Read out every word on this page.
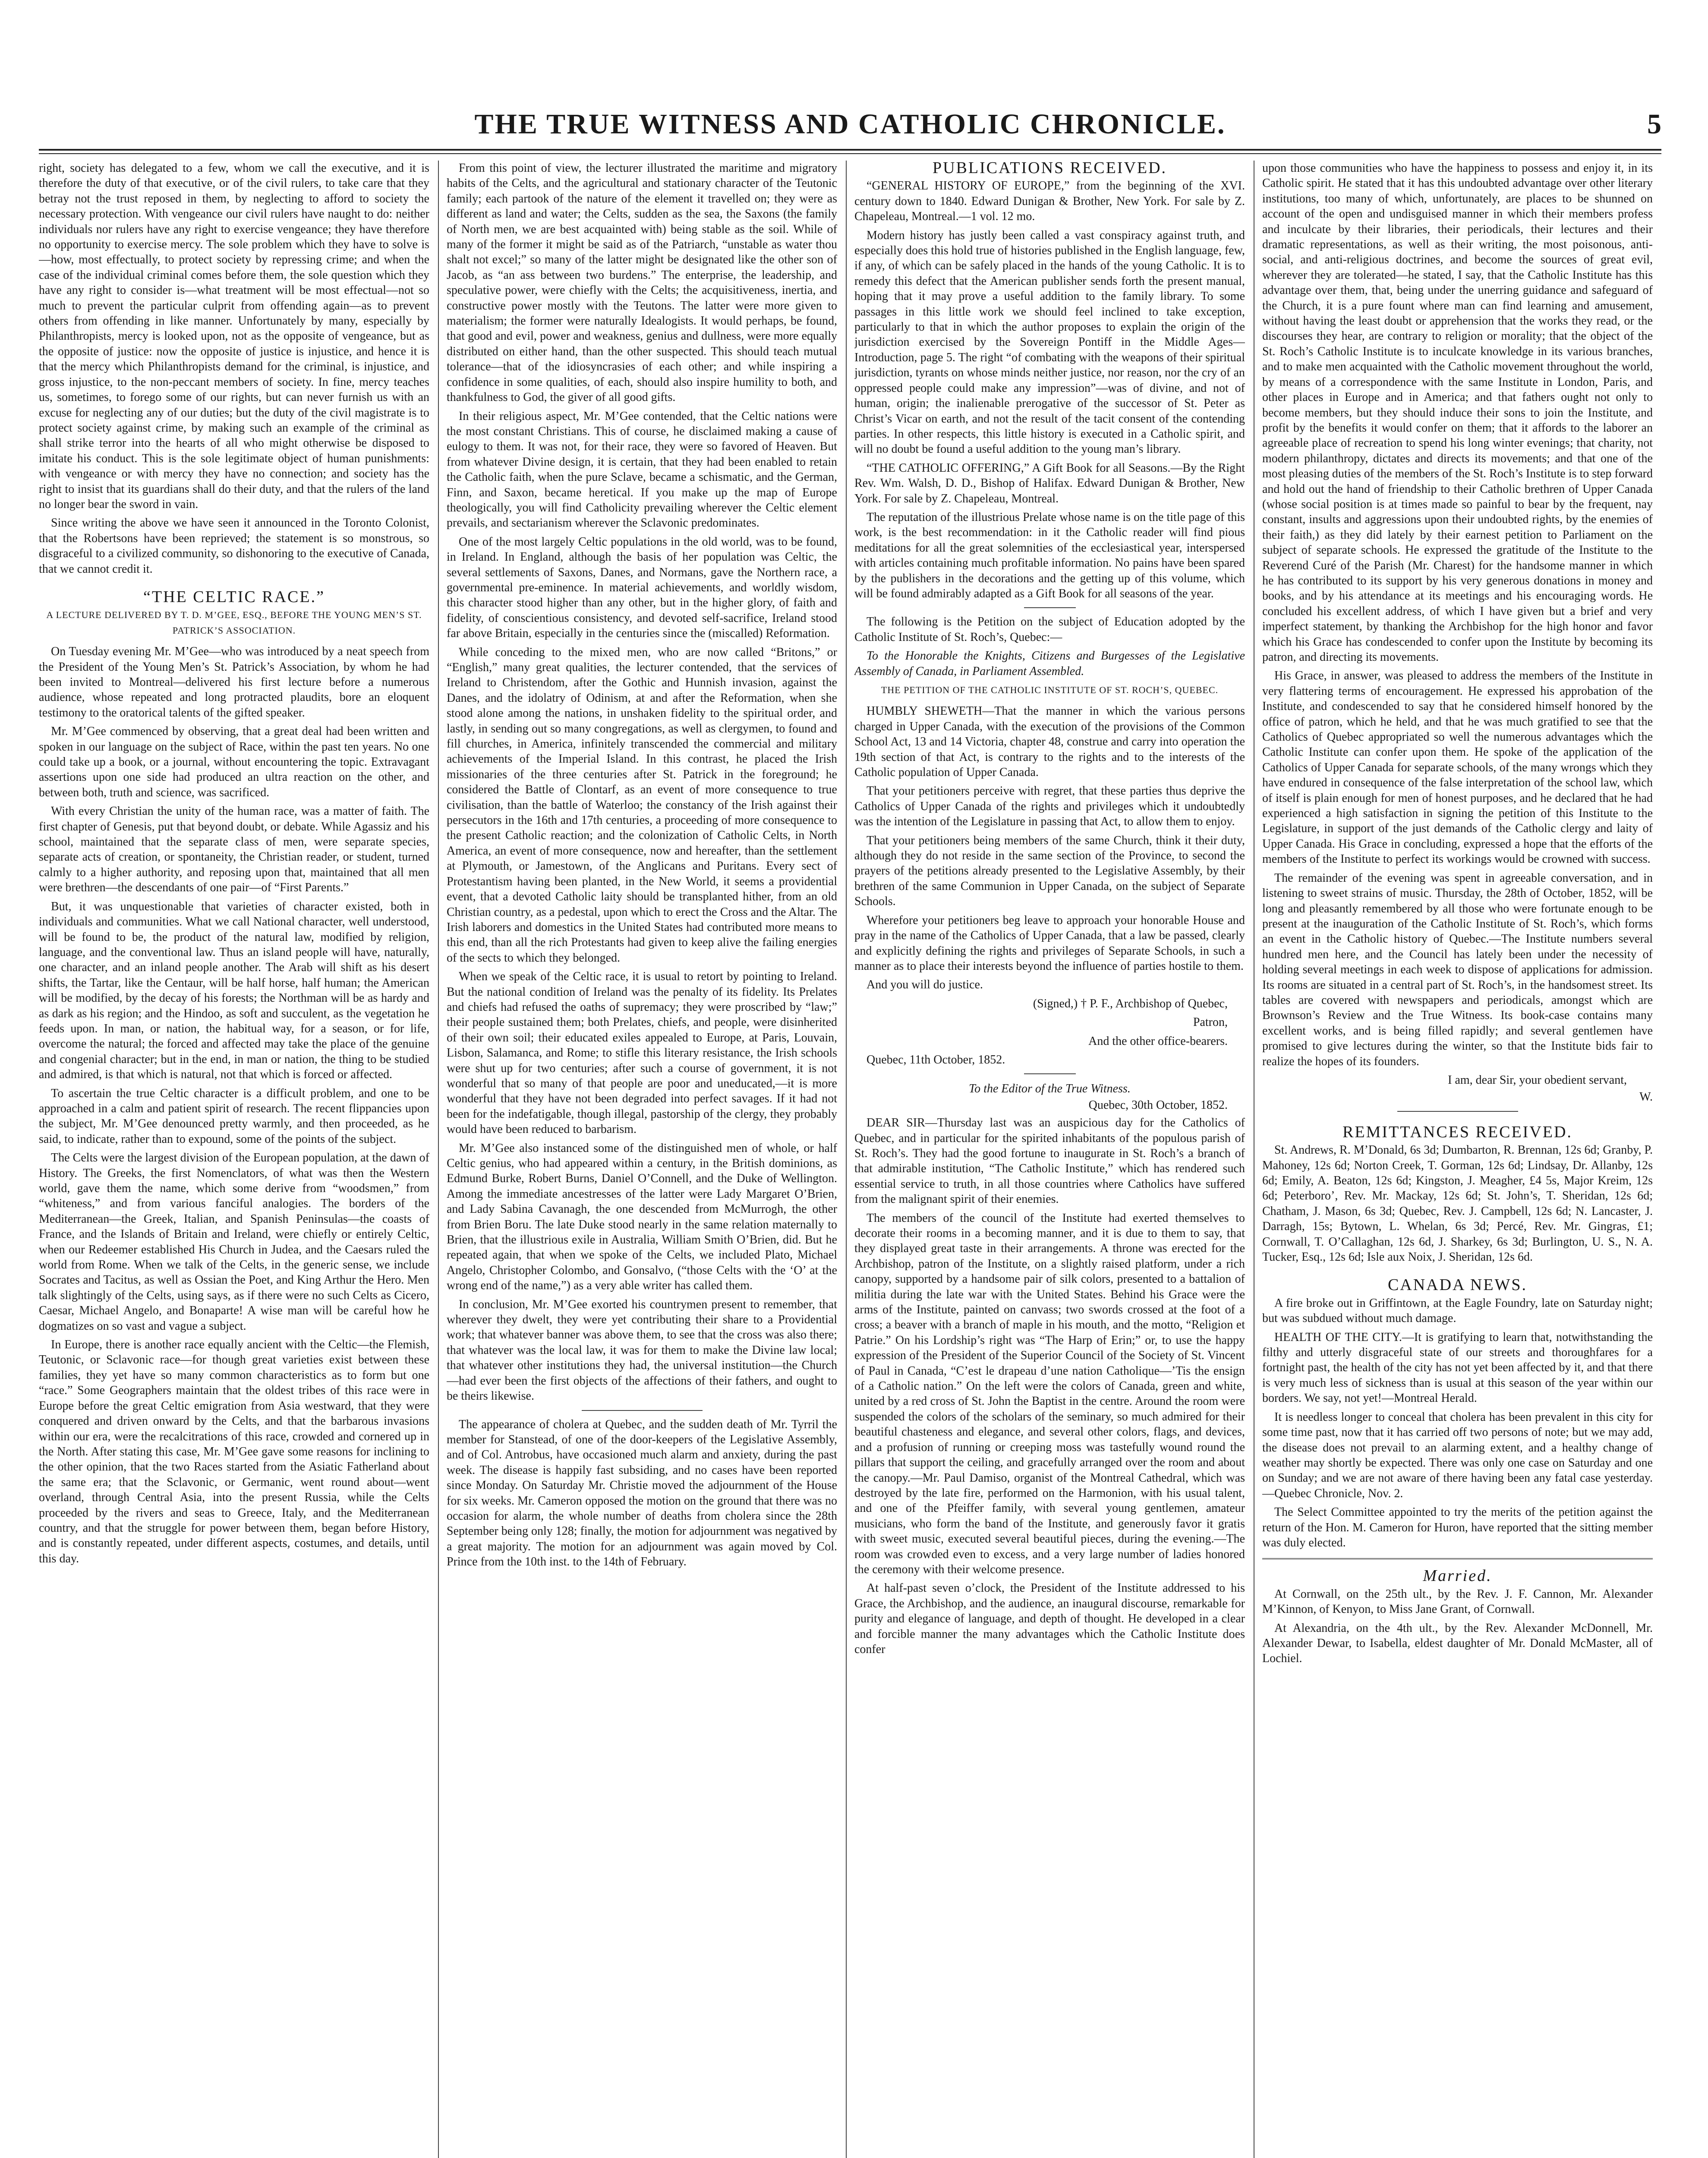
THE TRUE WITNESS AND CATHOLIC CHRONICLE.	5

right, society has delegated to a few, whom we call the executive, and it is therefore the duty of that executive, or of the civil rulers, to take care that they betray not the trust reposed in them, by neglecting to afford to society the necessary protection. With vengeance our civil rulers have naught to do: neither individuals nor rulers have any right to exercise vengeance; they have therefore no opportunity to exercise mercy. The sole problem which they have to solve is—how, most effectually, to protect society by repressing crime; and when the case of the individual criminal comes before them, the sole question which they have any right to consider is—what treatment will be most effectual—not so much to prevent the particular culprit from offending again—as to prevent others from offending in like manner. Unfortunately by many, especially by Philanthropists, mercy is looked upon, not as the opposite of vengeance, but as the opposite of justice: now the opposite of justice is injustice, and hence it is that the mercy which Philanthropists demand for the criminal, is injustice, and gross injustice, to the non-peccant members of society. In fine, mercy teaches us, sometimes, to forego some of our rights, but can never furnish us with an excuse for neglecting any of our duties; but the duty of the civil magistrate is to protect society against crime, by making such an example of the criminal as shall strike terror into the hearts of all who might otherwise be disposed to imitate his conduct. This is the sole legitimate object of human punishments: with vengeance or with mercy they have no connection; and society has the right to insist that its guardians shall do their duty, and that the rulers of the land no longer bear the sword in vain.

Since writing the above we have seen it announced in the Toronto Colonist, that the Robertsons have been reprieved; the statement is so monstrous, so disgraceful to a civilized community, so dishonoring to the executive of Canada, that we cannot credit it.

“THE CELTIC RACE.”
A LECTURE DELIVERED BY T. D. M’GEE, ESQ., BEFORE THE YOUNG MEN’S ST. PATRICK’S ASSOCIATION.

On Tuesday evening Mr. M’Gee—who was introduced by a neat speech from the President of the Young Men’s St. Patrick’s Association, by whom he had been invited to Montreal—delivered his first lecture before a numerous audience, whose repeated and long protracted plaudits, bore an eloquent testimony to the oratorical talents of the gifted speaker.

Mr. M’Gee commenced by observing, that a great deal had been written and spoken in our language on the subject of Race, within the past ten years. No one could take up a book, or a journal, without encountering the topic. Extravagant assertions upon one side had produced an ultra reaction on the other, and between both, truth and science, was sacrificed.

With every Christian the unity of the human race, was a matter of faith. The first chapter of Genesis, put that beyond doubt, or debate. While Agassiz and his school, maintained that the separate class of men, were separate species, separate acts of creation, or spontaneity, the Christian reader, or student, turned calmly to a higher authority, and reposing upon that, maintained that all men were brethren—the descendants of one pair—of “First Parents.”

But, it was unquestionable that varieties of character existed, both in individuals and communities. What we call National character, well understood, will be found to be, the product of the natural law, modified by religion, language, and the conventional law. Thus an island people will have, naturally, one character, and an inland people another. The Arab will shift as his desert shifts, the Tartar, like the Centaur, will be half horse, half human; the American will be modified, by the decay of his forests; the Northman will be as hardy and as dark as his region; and the Hindoo, as soft and succulent, as the vegetation he feeds upon. In man, or nation, the habitual way, for a season, or for life, overcome the natural; the forced and affected may take the place of the genuine and congenial character; but in the end, in man or nation, the thing to be studied and admired, is that which is natural, not that which is forced or affected.

To ascertain the true Celtic character is a difficult problem, and one to be approached in a calm and patient spirit of research. The recent flippancies upon the subject, Mr. M’Gee denounced pretty warmly, and then proceeded, as he said, to indicate, rather than to expound, some of the points of the subject.

The Celts were the largest division of the European population, at the dawn of History. The Greeks, the first Nomenclators, of what was then the Western world, gave them the name, which some derive from “woodsmen,” from “whiteness,” and from various fanciful analogies. The borders of the Mediterranean—the Greek, Italian, and Spanish Peninsulas—the coasts of France, and the Islands of Britain and Ireland, were chiefly or entirely Celtic, when our Redeemer established His Church in Judea, and the Caesars ruled the world from Rome. When we talk of the Celts, in the generic sense, we include Socrates and Tacitus, as well as Ossian the Poet, and King Arthur the Hero. Men talk slightingly of the Celts, using says, as if there were no such Celts as Cicero, Caesar, Michael Angelo, and Bonaparte! A wise man will be careful how he dogmatizes on so vast and vague a subject.

In Europe, there is another race equally ancient with the Celtic—the Flemish, Teutonic, or Sclavonic race—for though great varieties exist between these families, they yet have so many common characteristics as to form but one “race.” Some Geographers maintain that the oldest tribes of this race were in Europe before the great Celtic emigration from Asia westward, that they were conquered and driven onward by the Celts, and that the barbarous invasions within our era, were the recalcitrations of this race, crowded and cornered up in the North. After stating this case, Mr. M’Gee gave some reasons for inclining to the other opinion, that the two Races started from the Asiatic Fatherland about the same era; that the Sclavonic, or Germanic, went round about—went overland, through Central Asia, into the present Russia, while the Celts proceeded by the rivers and seas to Greece, Italy, and the Mediterranean country, and that the struggle for power between them, began before History, and is constantly repeated, under different aspects, costumes, and details, until this day.

From this point of view, the lecturer illustrated the maritime and migratory habits of the Celts, and the agricultural and stationary character of the Teutonic family; each partook of the nature of the element it travelled on; they were as different as land and water; the Celts, sudden as the sea, the Saxons (the family of North men, we are best acquainted with) being stable as the soil. While of many of the former it might be said as of the Patriarch, “unstable as water thou shalt not excel;” so many of the latter might be designated like the other son of Jacob, as “an ass between two burdens.” The enterprise, the leadership, and speculative power, were chiefly with the Celts; the acquisitiveness, inertia, and constructive power mostly with the Teutons. The latter were more given to materialism; the former were naturally Idealogists. It would perhaps, be found, that good and evil, power and weakness, genius and dullness, were more equally distributed on either hand, than the other suspected. This should teach mutual tolerance—that of the idiosyncrasies of each other; and while inspiring a confidence in some qualities, of each, should also inspire humility to both, and thankfulness to God, the giver of all good gifts.

In their religious aspect, Mr. M’Gee contended, that the Celtic nations were the most constant Christians. This of course, he disclaimed making a cause of eulogy to them. It was not, for their race, they were so favored of Heaven. But from whatever Divine design, it is certain, that they had been enabled to retain the Catholic faith, when the pure Sclave, became a schismatic, and the German, Finn, and Saxon, became heretical. If you make up the map of Europe theologically, you will find Catholicity prevailing wherever the Celtic element prevails, and sectarianism wherever the Sclavonic predominates.

One of the most largely Celtic populations in the old world, was to be found, in Ireland. In England, although the basis of her population was Celtic, the several settlements of Saxons, Danes, and Normans, gave the Northern race, a governmental pre-eminence. In material achievements, and worldly wisdom, this character stood higher than any other, but in the higher glory, of faith and fidelity, of conscientious consistency, and devoted self-sacrifice, Ireland stood far above Britain, especially in the centuries since the (miscalled) Reformation.

While conceding to the mixed men, who are now called “Britons,” or “English,” many great qualities, the lecturer contended, that the services of Ireland to Christendom, after the Gothic and Hunnish invasion, against the Danes, and the idolatry of Odinism, at and after the Reformation, when she stood alone among the nations, in unshaken fidelity to the spiritual order, and lastly, in sending out so many congregations, as well as clergymen, to found and fill churches, in America, infinitely transcended the commercial and military achievements of the Imperial Island. In this contrast, he placed the Irish missionaries of the three centuries after St. Patrick in the foreground; he considered the Battle of Clontarf, as an event of more consequence to true civilisation, than the battle of Waterloo; the constancy of the Irish against their persecutors in the 16th and 17th centuries, a proceeding of more consequence to the present Catholic reaction; and the colonization of Catholic Celts, in North America, an event of more consequence, now and hereafter, than the settlement at Plymouth, or Jamestown, of the Anglicans and Puritans. Every sect of Protestantism having been planted, in the New World, it seems a providential event, that a devoted Catholic laity should be transplanted hither, from an old Christian country, as a pedestal, upon which to erect the Cross and the Altar. The Irish laborers and domestics in the United States had contributed more means to this end, than all the rich Protestants had given to keep alive the failing energies of the sects to which they belonged.

When we speak of the Celtic race, it is usual to retort by pointing to Ireland. But the national condition of Ireland was the penalty of its fidelity. Its Prelates and chiefs had refused the oaths of supremacy; they were proscribed by “law;” their people sustained them; both Prelates, chiefs, and people, were disinherited of their own soil; their educated exiles appealed to Europe, at Paris, Louvain, Lisbon, Salamanca, and Rome; to stifle this literary resistance, the Irish schools were shut up for two centuries; after such a course of government, it is not wonderful that so many of that people are poor and uneducated,—it is more wonderful that they have not been degraded into perfect savages. If it had not been for the indefatigable, though illegal, pastorship of the clergy, they probably would have been reduced to barbarism.

Mr. M’Gee also instanced some of the distinguished men of whole, or half Celtic genius, who had appeared within a century, in the British dominions, as Edmund Burke, Robert Burns, Daniel O’Connell, and the Duke of Wellington. Among the immediate ancestresses of the latter were Lady Margaret O’Brien, and Lady Sabina Cavanagh, the one descended from McMurrogh, the other from Brien Boru. The late Duke stood nearly in the same relation maternally to Brien, that the illustrious exile in Australia, William Smith O’Brien, did. But he repeated again, that when we spoke of the Celts, we included Plato, Michael Angelo, Christopher Colombo, and Gonsalvo, (“those Celts with the ‘O’ at the wrong end of the name,”) as a very able writer has called them.

In conclusion, Mr. M’Gee exorted his countrymen present to remember, that wherever they dwelt, they were yet contributing their share to a Providential work; that whatever banner was above them, to see that the cross was also there; that whatever was the local law, it was for them to make the Divine law local; that whatever other institutions they had, the universal institution—the Church—had ever been the first objects of the affections of their fathers, and ought to be theirs likewise.

The appearance of cholera at Quebec, and the sudden death of Mr. Tyrril the member for Stanstead, of one of the door-keepers of the Legislative Assembly, and of Col. Antrobus, have occasioned much alarm and anxiety, during the past week. The disease is happily fast subsiding, and no cases have been reported since Monday. On Saturday Mr. Christie moved the adjournment of the House for six weeks. Mr. Cameron opposed the motion on the ground that there was no occasion for alarm, the whole number of deaths from cholera since the 28th September being only 128; finally, the motion for adjournment was negatived by a great majority. The motion for an adjournment was again moved by Col. Prince from the 10th inst. to the 14th of February.

PUBLICATIONS RECEIVED.

“GENERAL HISTORY OF EUROPE,” from the beginning of the XVI. century down to 1840. Edward Dunigan & Brother, New York. For sale by Z. Chapeleau, Montreal.—1 vol. 12 mo.

Modern history has justly been called a vast conspiracy against truth, and especially does this hold true of histories published in the English language, few, if any, of which can be safely placed in the hands of the young Catholic. It is to remedy this defect that the American publisher sends forth the present manual, hoping that it may prove a useful addition to the family library. To some passages in this little work we should feel inclined to take exception, particularly to that in which the author proposes to explain the origin of the jurisdiction exercised by the Sovereign Pontiff in the Middle Ages—Introduction, page 5. The right “of combating with the weapons of their spiritual jurisdiction, tyrants on whose minds neither justice, nor reason, nor the cry of an oppressed people could make any impression”—was of divine, and not of human, origin; the inalienable prerogative of the successor of St. Peter as Christ’s Vicar on earth, and not the result of the tacit consent of the contending parties. In other respects, this little history is executed in a Catholic spirit, and will no doubt be found a useful addition to the young man’s library.

“THE CATHOLIC OFFERING,” A Gift Book for all Seasons.—By the Right Rev. Wm. Walsh, D. D., Bishop of Halifax. Edward Dunigan & Brother, New York. For sale by Z. Chapeleau, Montreal.

The reputation of the illustrious Prelate whose name is on the title page of this work, is the best recommendation: in it the Catholic reader will find pious meditations for all the great solemnities of the ecclesiastical year, interspersed with articles containing much profitable information. No pains have been spared by the publishers in the decorations and the getting up of this volume, which will be found admirably adapted as a Gift Book for all seasons of the year.

The following is the Petition on the subject of Education adopted by the Catholic Institute of St. Roch’s, Quebec:—

To the Honorable the Knights, Citizens and Burgesses of the Legislative Assembly of Canada, in Parliament Assembled.

THE PETITION OF THE CATHOLIC INSTITUTE OF ST. ROCH’S, QUEBEC.

HUMBLY SHEWETH—That the manner in which the various persons charged in Upper Canada, with the execution of the provisions of the Common School Act, 13 and 14 Victoria, chapter 48, construe and carry into operation the 19th section of that Act, is contrary to the rights and to the interests of the Catholic population of Upper Canada.

That your petitioners perceive with regret, that these parties thus deprive the Catholics of Upper Canada of the rights and privileges which it undoubtedly was the intention of the Legislature in passing that Act, to allow them to enjoy.

That your petitioners being members of the same Church, think it their duty, although they do not reside in the same section of the Province, to second the prayers of the petitions already presented to the Legislative Assembly, by their brethren of the same Communion in Upper Canada, on the subject of Separate Schools.

Wherefore your petitioners beg leave to approach your honorable House and pray in the name of the Catholics of Upper Canada, that a law be passed, clearly and explicitly defining the rights and privileges of Separate Schools, in such a manner as to place their interests beyond the influence of parties hostile to them.

And you will do justice.

(Signed,) † P. F., Archbishop of Quebec,
Patron,
And the other office-bearers.

Quebec, 11th October, 1852.

To the Editor of the True Witness.
Quebec, 30th October, 1852.

DEAR SIR—Thursday last was an auspicious day for the Catholics of Quebec, and in particular for the spirited inhabitants of the populous parish of St. Roch’s. They had the good fortune to inaugurate in St. Roch’s a branch of that admirable institution, “The Catholic Institute,” which has rendered such essential service to truth, in all those countries where Catholics have suffered from the malignant spirit of their enemies.

The members of the council of the Institute had exerted themselves to decorate their rooms in a becoming manner, and it is due to them to say, that they displayed great taste in their arrangements. A throne was erected for the Archbishop, patron of the Institute, on a slightly raised platform, under a rich canopy, supported by a handsome pair of silk colors, presented to a battalion of militia during the late war with the United States. Behind his Grace were the arms of the Institute, painted on canvass; two swords crossed at the foot of a cross; a beaver with a branch of maple in his mouth, and the motto, “Religion et Patrie.” On his Lordship’s right was “The Harp of Erin;” or, to use the happy expression of the President of the Superior Council of the Society of St. Vincent of Paul in Canada, “C’est le drapeau d’une nation Catholique—’Tis the ensign of a Catholic nation.” On the left were the colors of Canada, green and white, united by a red cross of St. John the Baptist in the centre. Around the room were suspended the colors of the scholars of the seminary, so much admired for their beautiful chasteness and elegance, and several other colors, flags, and devices, and a profusion of running or creeping moss was tastefully wound round the pillars that support the ceiling, and gracefully arranged over the room and about the canopy.—Mr. Paul Damiso, organist of the Montreal Cathedral, which was destroyed by the late fire, performed on the Harmonion, with his usual talent, and one of the Pfeiffer family, with several young gentlemen, amateur musicians, who form the band of the Institute, and generously favor it gratis with sweet music, executed several beautiful pieces, during the evening.—The room was crowded even to excess, and a very large number of ladies honored the ceremony with their welcome presence.

At half-past seven o’clock, the President of the Institute addressed to his Grace, the Archbishop, and the audience, an inaugural discourse, remarkable for purity and elegance of language, and depth of thought. He developed in a clear and forcible manner the many advantages which the Catholic Institute does confer

upon those communities who have the happiness to possess and enjoy it, in its Catholic spirit. He stated that it has this undoubted advantage over other literary institutions, too many of which, unfortunately, are places to be shunned on account of the open and undisguised manner in which their members profess and inculcate by their libraries, their periodicals, their lectures and their dramatic representations, as well as their writing, the most poisonous, anti-social, and anti-religious doctrines, and become the sources of great evil, wherever they are tolerated—he stated, I say, that the Catholic Institute has this advantage over them, that, being under the unerring guidance and safeguard of the Church, it is a pure fount where man can find learning and amusement, without having the least doubt or apprehension that the works they read, or the discourses they hear, are contrary to religion or morality; that the object of the St. Roch’s Catholic Institute is to inculcate knowledge in its various branches, and to make men acquainted with the Catholic movement throughout the world, by means of a correspondence with the same Institute in London, Paris, and other places in Europe and in America; and that fathers ought not only to become members, but they should induce their sons to join the Institute, and profit by the benefits it would confer on them; that it affords to the laborer an agreeable place of recreation to spend his long winter evenings; that charity, not modern philanthropy, dictates and directs its movements; and that one of the most pleasing duties of the members of the St. Roch’s Institute is to step forward and hold out the hand of friendship to their Catholic brethren of Upper Canada (whose social position is at times made so painful to bear by the frequent, nay constant, insults and aggressions upon their undoubted rights, by the enemies of their faith,) as they did lately by their earnest petition to Parliament on the subject of separate schools. He expressed the gratitude of the Institute to the Reverend Curé of the Parish (Mr. Charest) for the handsome manner in which he has contributed to its support by his very generous donations in money and books, and by his attendance at its meetings and his encouraging words. He concluded his excellent address, of which I have given but a brief and very imperfect statement, by thanking the Archbishop for the high honor and favor which his Grace has condescended to confer upon the Institute by becoming its patron, and directing its movements.

His Grace, in answer, was pleased to address the members of the Institute in very flattering terms of encouragement. He expressed his approbation of the Institute, and condescended to say that he considered himself honored by the office of patron, which he held, and that he was much gratified to see that the Catholics of Quebec appropriated so well the numerous advantages which the Catholic Institute can confer upon them. He spoke of the application of the Catholics of Upper Canada for separate schools, of the many wrongs which they have endured in consequence of the false interpretation of the school law, which of itself is plain enough for men of honest purposes, and he declared that he had experienced a high satisfaction in signing the petition of this Institute to the Legislature, in support of the just demands of the Catholic clergy and laity of Upper Canada. His Grace in concluding, expressed a hope that the efforts of the members of the Institute to perfect its workings would be crowned with success.

The remainder of the evening was spent in agreeable conversation, and in listening to sweet strains of music. Thursday, the 28th of October, 1852, will be long and pleasantly remembered by all those who were fortunate enough to be present at the inauguration of the Catholic Institute of St. Roch’s, which forms an event in the Catholic history of Quebec.—The Institute numbers several hundred men here, and the Council has lately been under the necessity of holding several meetings in each week to dispose of applications for admission. Its rooms are situated in a central part of St. Roch’s, in the handsomest street. Its tables are covered with newspapers and periodicals, amongst which are Brownson’s Review and the True Witness. Its book-case contains many excellent works, and is being filled rapidly; and several gentlemen have promised to give lectures during the winter, so that the Institute bids fair to realize the hopes of its founders.

I am, dear Sir, your obedient servant,
W.
REMITTANCES RECEIVED.

St. Andrews, R. M’Donald, 6s 3d; Dumbarton, R. Brennan, 12s 6d; Granby, P. Mahoney, 12s 6d; Norton Creek, T. Gorman, 12s 6d; Lindsay, Dr. Allanby, 12s 6d; Emily, A. Beaton, 12s 6d; Kingston, J. Meagher, £4 5s, Major Kreim, 12s 6d; Peterboro’, Rev. Mr. Mackay, 12s 6d; St. John’s, T. Sheridan, 12s 6d; Chatham, J. Mason, 6s 3d; Quebec, Rev. J. Campbell, 12s 6d; N. Lancaster, J. Darragh, 15s; Bytown, L. Whelan, 6s 3d; Percé, Rev. Mr. Gingras, £1; Cornwall, T. O’Callaghan, 12s 6d, J. Sharkey, 6s 3d; Burlington, U. S., N. A. Tucker, Esq., 12s 6d; Isle aux Noix, J. Sheridan, 12s 6d.

CANADA NEWS.

A fire broke out in Griffintown, at the Eagle Foundry, late on Saturday night; but was subdued without much damage.

HEALTH OF THE CITY.—It is gratifying to learn that, notwithstanding the filthy and utterly disgraceful state of our streets and thoroughfares for a fortnight past, the health of the city has not yet been affected by it, and that there is very much less of sickness than is usual at this season of the year within our borders. We say, not yet!—Montreal Herald.

It is needless longer to conceal that cholera has been prevalent in this city for some time past, now that it has carried off two persons of note; but we may add, the disease does not prevail to an alarming extent, and a healthy change of weather may shortly be expected. There was only one case on Saturday and one on Sunday; and we are not aware of there having been any fatal case yesterday.—Quebec Chronicle, Nov. 2.

The Select Committee appointed to try the merits of the petition against the return of the Hon. M. Cameron for Huron, have reported that the sitting member was duly elected.

Married.

At Cornwall, on the 25th ult., by the Rev. J. F. Cannon, Mr. Alexander M’Kinnon, of Kenyon, to Miss Jane Grant, of Cornwall.

At Alexandria, on the 4th ult., by the Rev. Alexander McDonnell, Mr. Alexander Dewar, to Isabella, eldest daughter of Mr. Donald McMaster, all of Lochiel.
